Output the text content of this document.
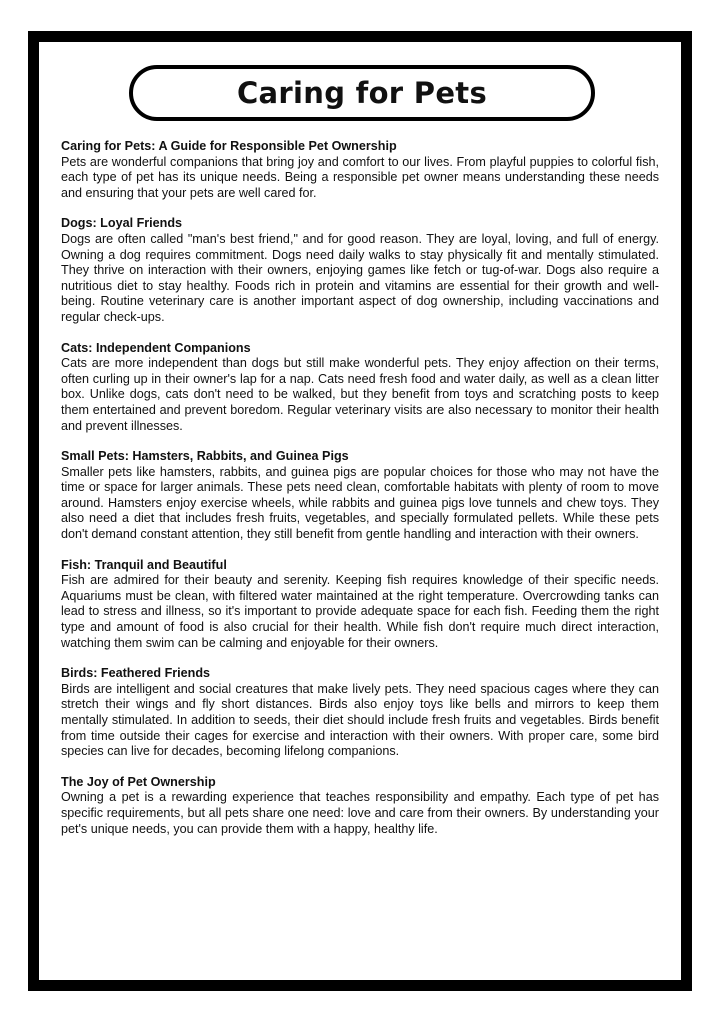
Caring for Pets
Caring for Pets: A Guide for Responsible Pet Ownership

Pets are wonderful companions that bring joy and comfort to our lives. From playful puppies to colorful fish, each type of pet has its unique needs. Being a responsible pet owner means understanding these needs and ensuring that your pets are well cared for.

Dogs: Loyal Friends

Dogs are often called "man's best friend," and for good reason. They are loyal, loving, and full of energy. Owning a dog requires commitment. Dogs need daily walks to stay physically fit and mentally stimulated. They thrive on interaction with their owners, enjoying games like fetch or tug-of-war. Dogs also require a nutritious diet to stay healthy. Foods rich in protein and vitamins are essential for their growth and well-being. Routine veterinary care is another important aspect of dog ownership, including vaccinations and regular check-ups.

Cats: Independent Companions

Cats are more independent than dogs but still make wonderful pets. They enjoy affection on their terms, often curling up in their owner's lap for a nap. Cats need fresh food and water daily, as well as a clean litter box. Unlike dogs, cats don't need to be walked, but they benefit from toys and scratching posts to keep them entertained and prevent boredom. Regular veterinary visits are also necessary to monitor their health and prevent illnesses.

Small Pets: Hamsters, Rabbits, and Guinea Pigs

Smaller pets like hamsters, rabbits, and guinea pigs are popular choices for those who may not have the time or space for larger animals. These pets need clean, comfortable habitats with plenty of room to move around. Hamsters enjoy exercise wheels, while rabbits and guinea pigs love tunnels and chew toys. They also need a diet that includes fresh fruits, vegetables, and specially formulated pellets. While these pets don't demand constant attention, they still benefit from gentle handling and interaction with their owners.

Fish: Tranquil and Beautiful

Fish are admired for their beauty and serenity. Keeping fish requires knowledge of their specific needs. Aquariums must be clean, with filtered water maintained at the right temperature. Overcrowding tanks can lead to stress and illness, so it's important to provide adequate space for each fish. Feeding them the right type and amount of food is also crucial for their health. While fish don't require much direct interaction, watching them swim can be calming and enjoyable for their owners.

Birds: Feathered Friends

Birds are intelligent and social creatures that make lively pets. They need spacious cages where they can stretch their wings and fly short distances. Birds also enjoy toys like bells and mirrors to keep them mentally stimulated. In addition to seeds, their diet should include fresh fruits and vegetables. Birds benefit from time outside their cages for exercise and interaction with their owners. With proper care, some bird species can live for decades, becoming lifelong companions.

The Joy of Pet Ownership

Owning a pet is a rewarding experience that teaches responsibility and empathy. Each type of pet has specific requirements, but all pets share one need: love and care from their owners. By understanding your pet's unique needs, you can provide them with a happy, healthy life.
